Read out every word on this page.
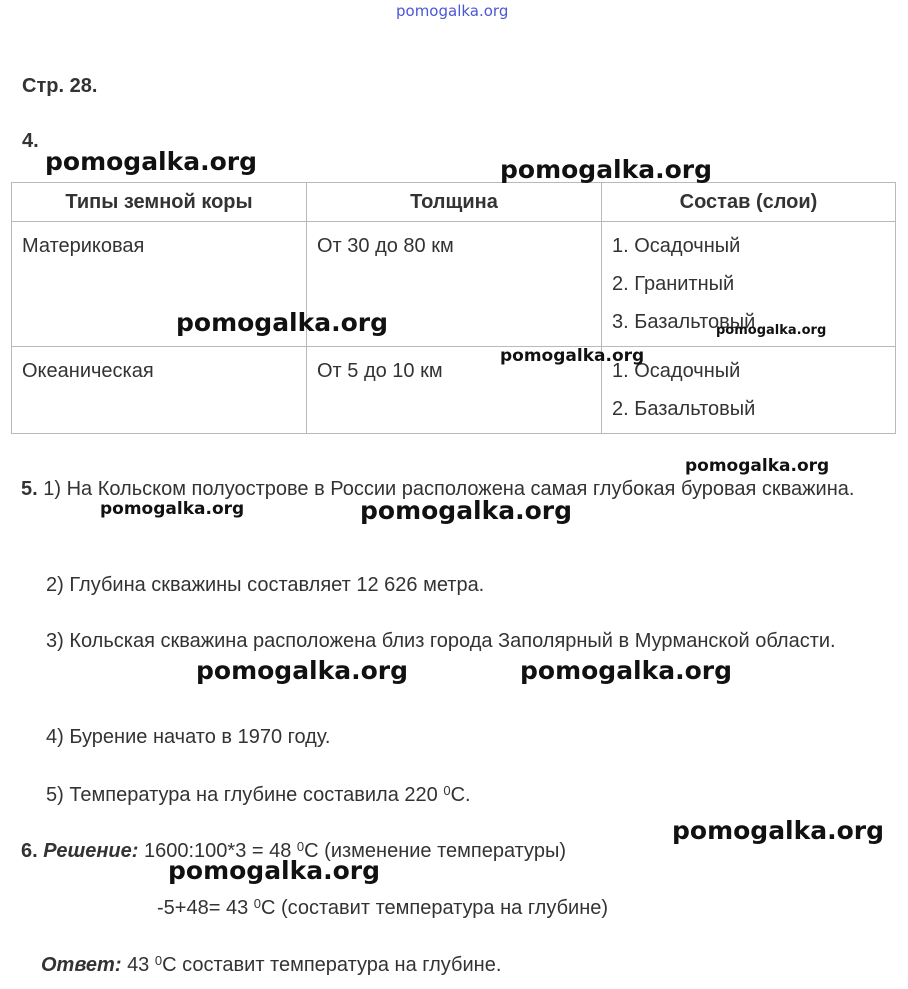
pomogalka.org
Стр. 28.
4.
Типы земной коры	Толщина	Состав (слои)
Материковая	От 30 до 80 км	1. Осадочный
2. Гранитный
3. Базальтовый

Океаническая	От 5 до 10 км	1. Осадочный
2. Базальтовый
5. 1) На Кольском полуострове в России расположена самая глубокая буровая скважина.
2) Глубина скважины составляет 12 626 метра.
3) Кольская скважина расположена близ города Заполярный в Мурманской области.
4) Бурение начато в 1970 году.
5) Температура на глубине составила 220 $^0$С.
6. Решение: 1600:100*3 = 48 $^0$С (изменение температуры)
-5+48= 43 $^0$С (составит температура на глубине)
Ответ: 43 $^0$С составит температура на глубине.
pomogalka.org	pomogalka.org
pomogalka.org	pomogalka.org
pomogalka.org
pomogalka.org
pomogalka.org	pomogalka.org
pomogalka.org	pomogalka.org
pomogalka.org
pomogalka.org
